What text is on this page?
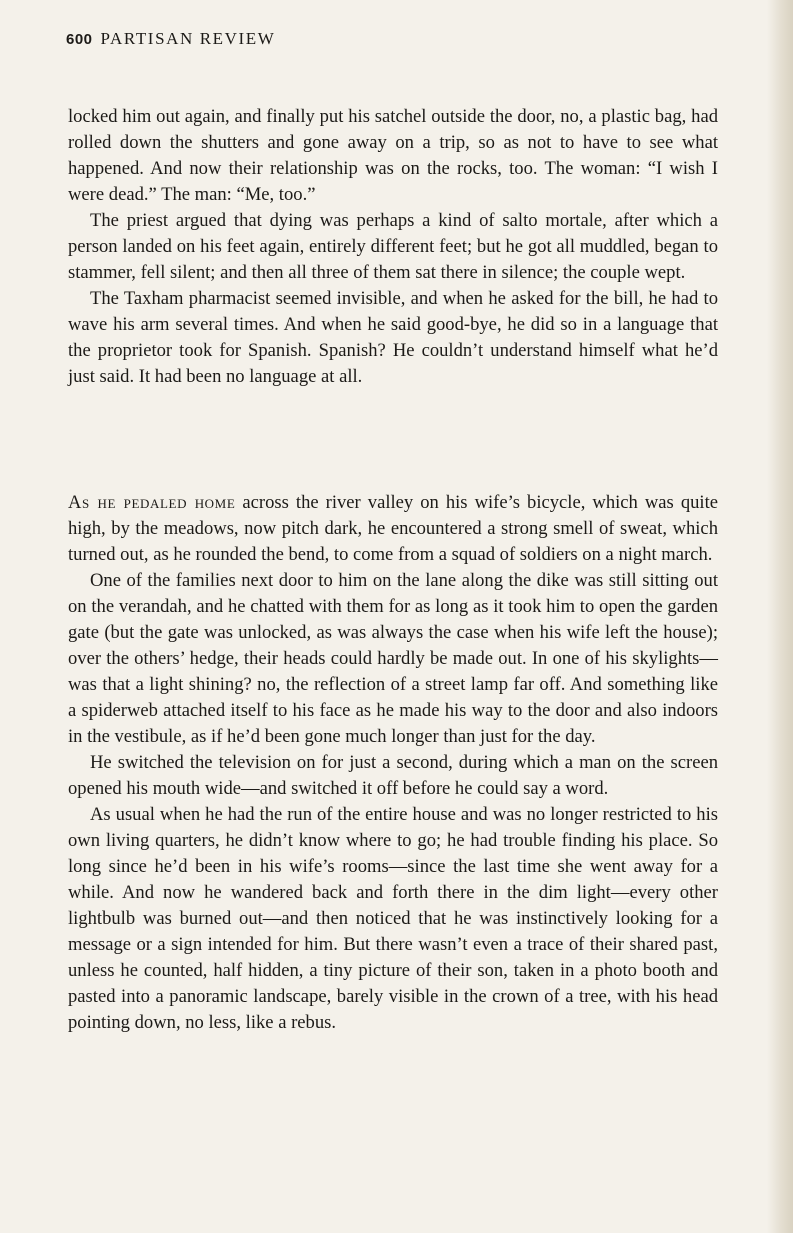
600 PARTISAN REVIEW

locked him out again, and finally put his satchel outside the door, no, a plastic bag, had rolled down the shutters and gone away on a trip, so as not to have to see what happened. And now their relationship was on the rocks, too. The woman: “I wish I were dead.” The man: “Me, too.”

The priest argued that dying was perhaps a kind of salto mortale, after which a person landed on his feet again, entirely different feet; but he got all muddled, began to stammer, fell silent; and then all three of them sat there in silence; the couple wept.

The Taxham pharmacist seemed invisible, and when he asked for the bill, he had to wave his arm several times. And when he said good-bye, he did so in a language that the proprietor took for Spanish. Spanish? He couldn’t understand himself what he’d just said. It had been no language at all.

As he pedaled home across the river valley on his wife’s bicycle, which was quite high, by the meadows, now pitch dark, he encountered a strong smell of sweat, which turned out, as he rounded the bend, to come from a squad of soldiers on a night march.

One of the families next door to him on the lane along the dike was still sitting out on the verandah, and he chatted with them for as long as it took him to open the garden gate (but the gate was unlocked, as was always the case when his wife left the house); over the others’ hedge, their heads could hardly be made out. In one of his skylights—was that a light shining? no, the reflection of a street lamp far off. And something like a spiderweb attached itself to his face as he made his way to the door and also indoors in the vestibule, as if he’d been gone much longer than just for the day.

He switched the television on for just a second, during which a man on the screen opened his mouth wide—and switched it off before he could say a word.

As usual when he had the run of the entire house and was no longer restricted to his own living quarters, he didn’t know where to go; he had trouble finding his place. So long since he’d been in his wife’s rooms—since the last time she went away for a while. And now he wandered back and forth there in the dim light—every other lightbulb was burned out—and then noticed that he was instinctively looking for a message or a sign intended for him. But there wasn’t even a trace of their shared past, unless he counted, half hidden, a tiny picture of their son, taken in a photo booth and pasted into a panoramic landscape, barely visible in the crown of a tree, with his head pointing down, no less, like a rebus.
